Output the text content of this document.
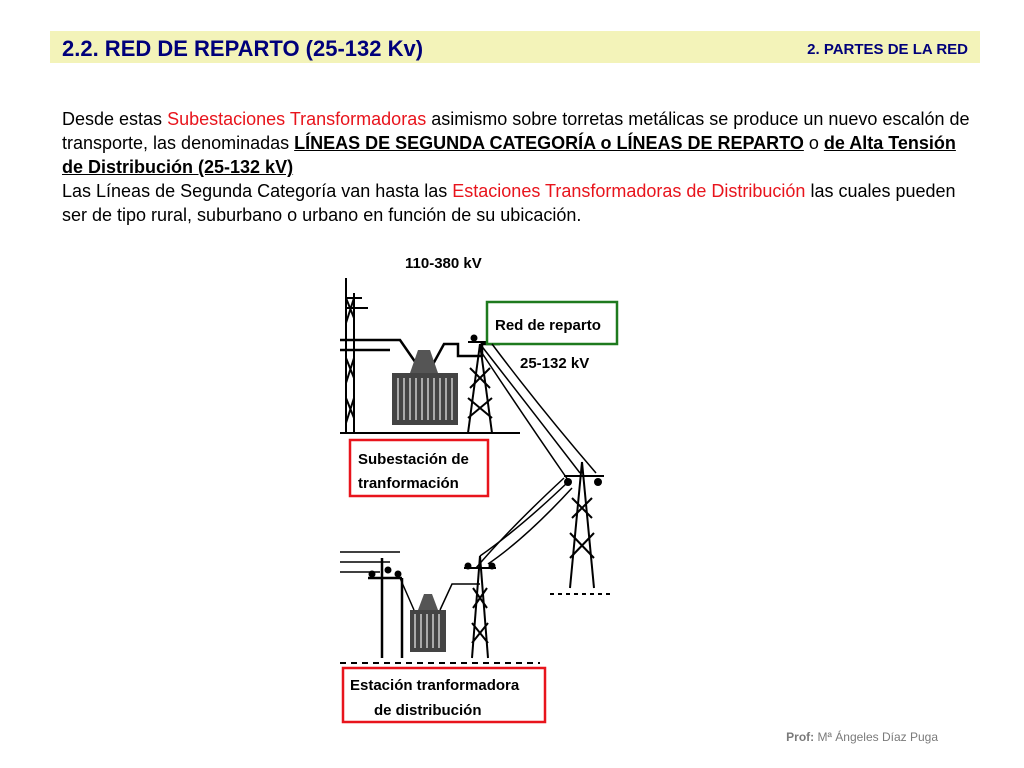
2.2. RED DE REPARTO (25-132 Kv)	2. PARTES DE LA RED
Desde estas Subestaciones Transformadoras asimismo sobre torretas metálicas se produce un nuevo escalón de transporte, las denominadas LÍNEAS DE SEGUNDA CATEGORÍA o LÍNEAS DE REPARTO o de Alta Tensión de Distribución (25-132 kV)
Las Líneas de Segunda Categoría van hasta las Estaciones Transformadoras de Distribución las cuales pueden ser de tipo rural, suburbano o urbano en función de su ubicación.
110-380 kV
Red de reparto
25-132 kV
Subestación de
tranformación
Estación tranformadora
de distribución
Prof: Mª Ángeles Díaz Puga
